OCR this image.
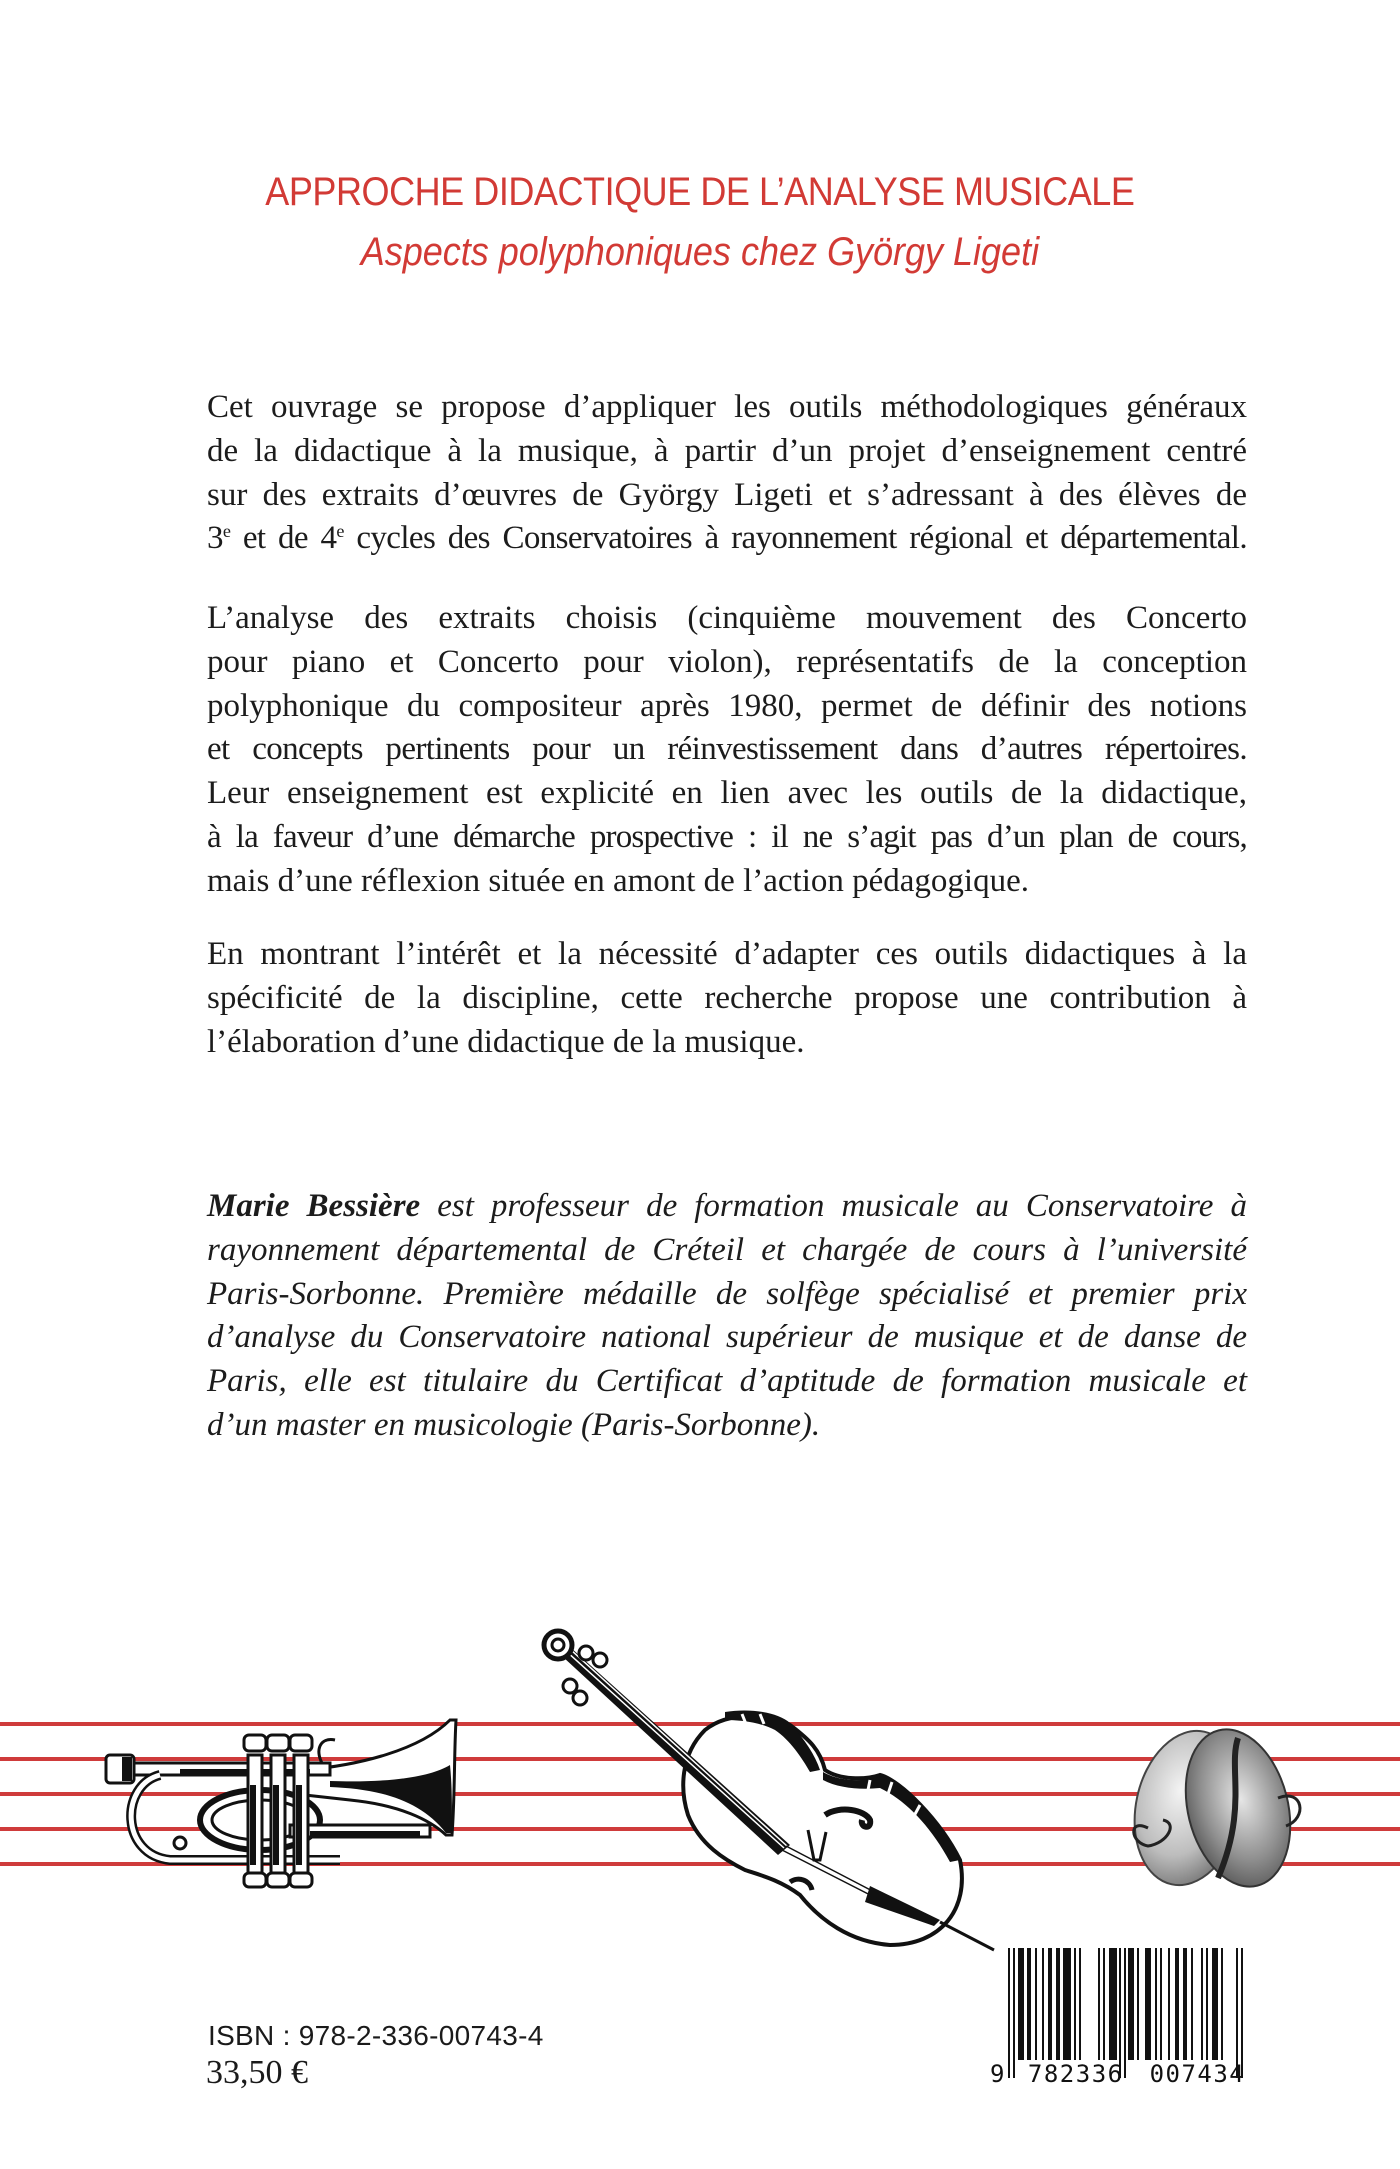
APPROCHE DIDACTIQUE DE L’ANALYSE MUSICALE
Aspects polyphoniques chez György Ligeti
Cet ouvrage se propose d’appliquer les outils méthodologiques généraux
de la didactique à la musique, à partir d’un projet d’enseignement centré
sur des extraits d’œuvres de György Ligeti et s’adressant à des élèves de
3e et de 4e cycles des Conservatoires à rayonnement régional et départemental.
L’analyse des extraits choisis (cinquième mouvement des Concerto
pour piano et Concerto pour violon), représentatifs de la conception
polyphonique du compositeur après 1980, permet de définir des notions
et concepts pertinents pour un réinvestissement dans d’autres répertoires.
Leur enseignement est explicité en lien avec les outils de la didactique,
à la faveur d’une démarche prospective : il ne s’agit pas d’un plan de cours,
mais d’une réflexion située en amont de l’action pédagogique.
En montrant l’intérêt et la nécessité d’adapter ces outils didactiques à la
spécificité de la discipline, cette recherche propose une contribution à
l’élaboration d’une didactique de la musique.
Marie Bessière est professeur de formation musicale au Conservatoire à
rayonnement départemental de Créteil et chargée de cours à l’université
Paris-Sorbonne. Première médaille de solfège spécialisé et premier prix
d’analyse du Conservatoire national supérieur de musique et de danse de
Paris, elle est titulaire du Certificat d’aptitude de formation musicale et
d’un master en musicologie (Paris-Sorbonne).
ISBN : 978-2-336-00743-4
33,50 €	9 782336 007434
